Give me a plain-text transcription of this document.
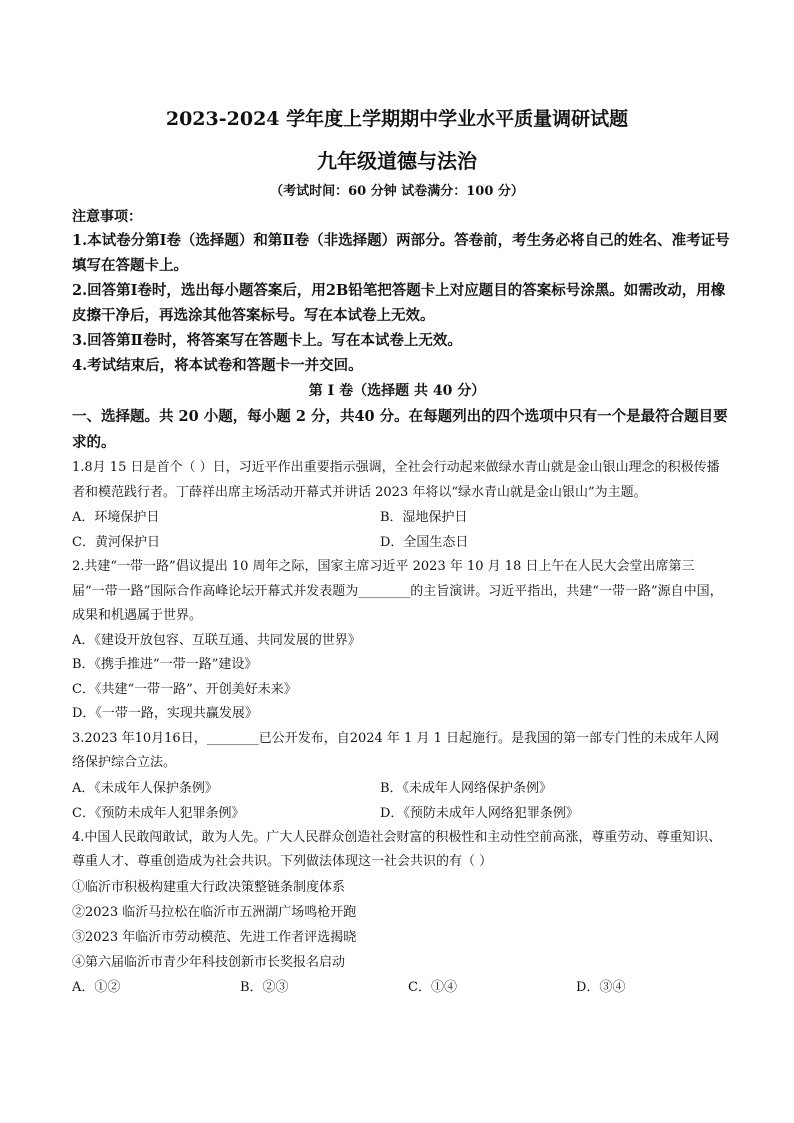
2023-2024 学年度上学期期中学业水平质量调研试题
九年级道德与法治
（考试时间：60 分钟 试卷满分：100 分）
注意事项：
1.本试卷分第Ⅰ卷（选择题）和第Ⅱ卷（非选择题）两部分。答卷前，考生务必将自己的姓名、准考证号填写在答题卡上。
2.回答第Ⅰ卷时，选出每小题答案后，用2B铅笔把答题卡上对应题目的答案标号涂黑。如需改动，用橡皮擦干净后，再选涂其他答案标号。写在本试卷上无效。
3.回答第Ⅱ卷时，将答案写在答题卡上。写在本试卷上无效。
4.考试结束后，将本试卷和答题卡一并交回。
第 Ⅰ 卷（选择题 共 40 分）
一、选择题。共 20 小题，每小题 2 分，共40 分。在每题列出的四个选项中只有一个是最符合题目要求的。

1.8月 15 日是首个（ ）日，习近平作出重要指示强调，全社会行动起来做绿水青山就是金山银山理念的积极传播者和模范践行者。丁薛祥出席主场活动开幕式并讲话 2023 年将以“绿水青山就是金山银山”为主题。

A．环境保护日	B．湿地保护日
C．黄河保护日	D．全国生态日

2.共建“一带一路”倡议提出 10 周年之际，国家主席习近平 2023 年 10 月 18 日上午在人民大会堂出席第三届“一带一路”国际合作高峰论坛开幕式并发表题为________的主旨演讲。习近平指出，共建“一带一路”源自中国，成果和机遇属于世界。

A．《建设开放包容、互联互通、共同发展的世界》

B．《携手推进“一带一路”建设》

C．《共建“一带一路”、开创美好未来》

D．《一带一路，实现共赢发展》

3.2023 年10月16日，________已公开发布，自2024 年 1 月 1 日起施行。是我国的第一部专门性的未成年人网络保护综合立法。

A．《未成年人保护条例》	B．《未成年人网络保护条例》
C．《预防未成年人犯罪条例》	D．《预防未成年人网络犯罪条例》

4.中国人民敢闯敢试，敢为人先。广大人民群众创造社会财富的积极性和主动性空前高涨，尊重劳动、尊重知识、尊重人才、尊重创造成为社会共识。下列做法体现这一社会共识的有（ ）

①临沂市积极构建重大行政决策整链条制度体系

②2023 临沂马拉松在临沂市五洲湖广场鸣枪开跑

③2023 年临沂市劳动模范、先进工作者评选揭晓

④第六届临沂市青少年科技创新市长奖报名启动

A．①②	B．②③	C．①④	D．③④
